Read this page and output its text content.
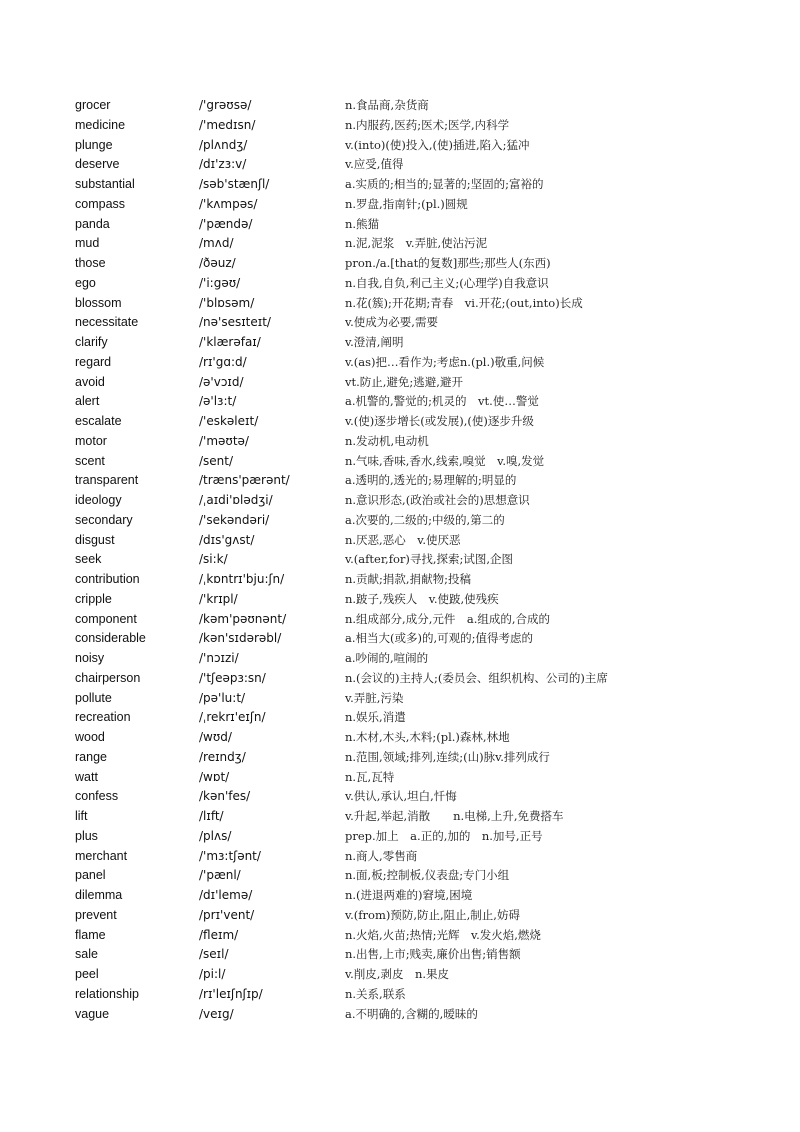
grocer	/'grəʊsə/	n.食品商,杂货商
medicine	/'medɪsn/	n.内服药,医药;医术;医学,内科学
plunge	/plʌndʒ/	v.(into)(使)投入,(使)插进,陷入;猛冲
deserve	/dɪ'zɜ:v/	v.应受,值得
substantial	/səb'stænʃl/	a.实质的;相当的;显著的;坚固的;富裕的
compass	/'kʌmpəs/	n.罗盘,指南针;(pl.)圆规
panda	/'pændə/	n.熊猫
mud	/mʌd/	n.泥,泥浆　v.弄脏,使沾污泥
those	/ðəuz/	pron./a.[that的复数]那些;那些人(东西)
ego	/'i:gəʊ/	n.自我,自负,利己主义;(心理学)自我意识
blossom	/'blɒsəm/	n.花(簇);开花期;青春　vi.开花;(out,into)长成
necessitate	/nə'sesɪteɪt/	v.使成为必要,需要
clarify	/'klærəfaɪ/	v.澄清,阐明
regard	/rɪ'gɑ:d/	v.(as)把…看作为;考虑n.(pl.)敬重,问候
avoid	/ə'vɔɪd/	vt.防止,避免;逃避,避开
alert	/ə'lɜ:t/	a.机警的,警觉的;机灵的　vt.使…警觉
escalate	/'eskəleɪt/	v.(使)逐步增长(或发展),(使)逐步升级
motor	/'məʊtə/	n.发动机,电动机
scent	/sent/	n.气味,香味,香水,线索,嗅觉　v.嗅,发觉
transparent	/træns'pærənt/	a.透明的,透光的;易理解的;明显的
ideology	/ˌaɪdi'ɒlədʒi/	n.意识形态,(政治或社会的)思想意识
secondary	/'sekəndəri/	a.次要的,二级的;中级的,第二的
disgust	/dɪs'gʌst/	n.厌恶,恶心　v.使厌恶
seek	/si:k/	v.(after,for)寻找,探索;试图,企图
contribution	/ˌkɒntrɪ'bju:ʃn/	n.贡献;捐款,捐献物;投稿
cripple	/'krɪpl/	n.跛子,残疾人　v.使跛,使残疾
component	/kəm'pəʊnənt/	n.组成部分,成分,元件　a.组成的,合成的
considerable	/kən'sɪdərəbl/	a.相当大(或多)的,可观的;值得考虑的
noisy	/'nɔɪzi/	a.吵闹的,喧闹的
chairperson	/'tʃeəpɜ:sn/	n.(会议的)主持人;(委员会、组织机构、公司的)主席
pollute	/pə'lu:t/	v.弄脏,污染
recreation	/ˌrekrɪ'eɪʃn/	n.娱乐,消遣
wood	/wʊd/	n.木材,木头,木料;(pl.)森林,林地
range	/reɪndʒ/	n.范围,领域;排列,连续;(山)脉v.排列成行
watt	/wɒt/	n.瓦,瓦特
confess	/kən'fes/	v.供认,承认,坦白,忏悔
lift	/lɪft/	v.升起,举起,消散　　n.电梯,上升,免费搭车
plus	/plʌs/	prep.加上　a.正的,加的　n.加号,正号
merchant	/'mɜ:tʃənt/	n.商人,零售商
panel	/'pænl/	n.面,板;控制板,仪表盘;专门小组
dilemma	/dɪ'lemə/	n.(进退两难的)窘境,困境
prevent	/prɪ'vent/	v.(from)预防,防止,阻止,制止,妨碍
flame	/fleɪm/	n.火焰,火苗;热情;光辉　v.发火焰,燃烧
sale	/seɪl/	n.出售,上市;贱卖,廉价出售;销售额
peel	/pi:l/	v.削皮,剥皮　n.果皮
relationship	/rɪ'leɪʃnʃɪp/	n.关系,联系
vague	/veɪg/	a.不明确的,含糊的,暧昧的
